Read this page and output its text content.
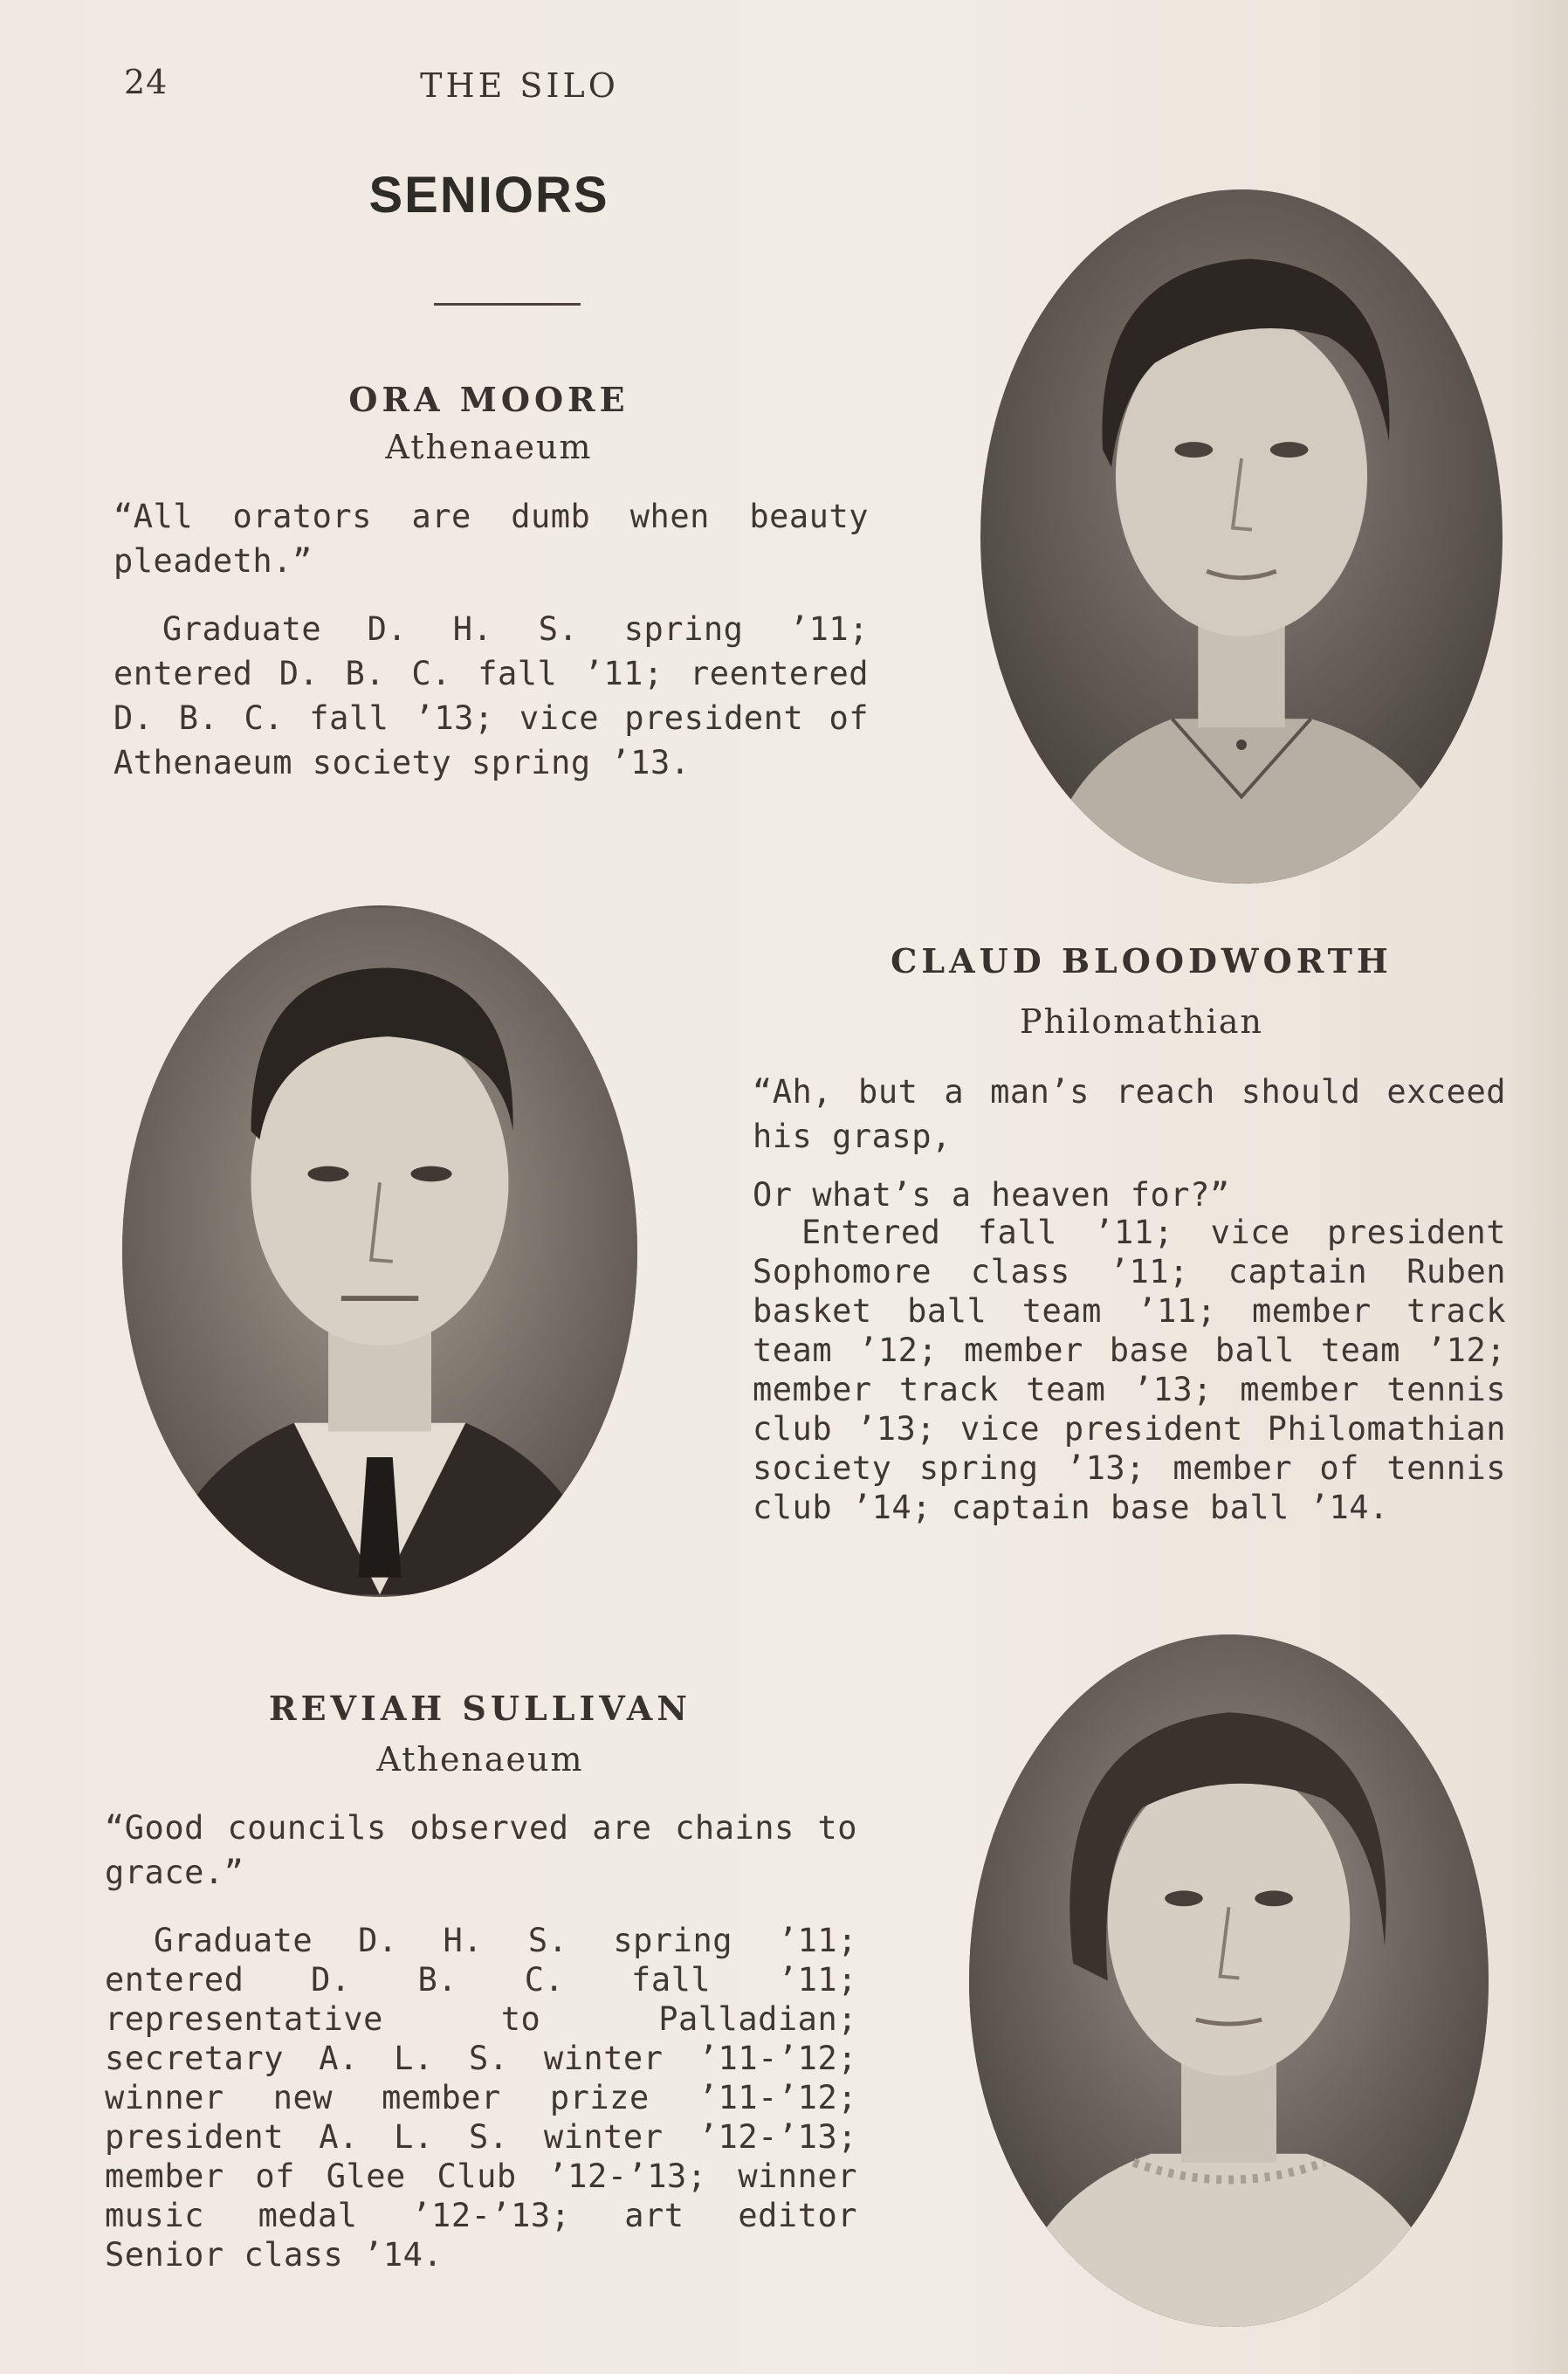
24	THE SILO
SENIORS
ORA MOORE
Athenaeum
“All orators are dumb when beauty pleadeth.”
Graduate D. H. S. spring ’11; entered D. B. C. fall ’11; reentered D. B. C. fall ’13; vice president of Athenaeum society spring ’13.
CLAUD BLOODWORTH
Philomathian
“Ah, but a man’s reach should exceed his grasp,
Or what’s a heaven for?”
Entered fall ’11; vice president Sophomore class ’11; captain Ruben basket ball team ’11; member track team ’12; member base ball team ’12; member track team ’13; member tennis club ’13; vice president Philomathian society spring ’13; member of tennis club ’14; captain base ball ’14.
REVIAH SULLIVAN
Athenaeum
“Good councils observed are chains to grace.”
Graduate D. H. S. spring ’11; entered D. B. C. fall ’11; representative to Palladian; secretary A. L. S. winter ’11-’12; winner new member prize ’11-’12; president A. L. S. winter ’12-’13; member of Glee Club ’12-’13; winner music medal ’12-’13; art editor Senior class ’14.
